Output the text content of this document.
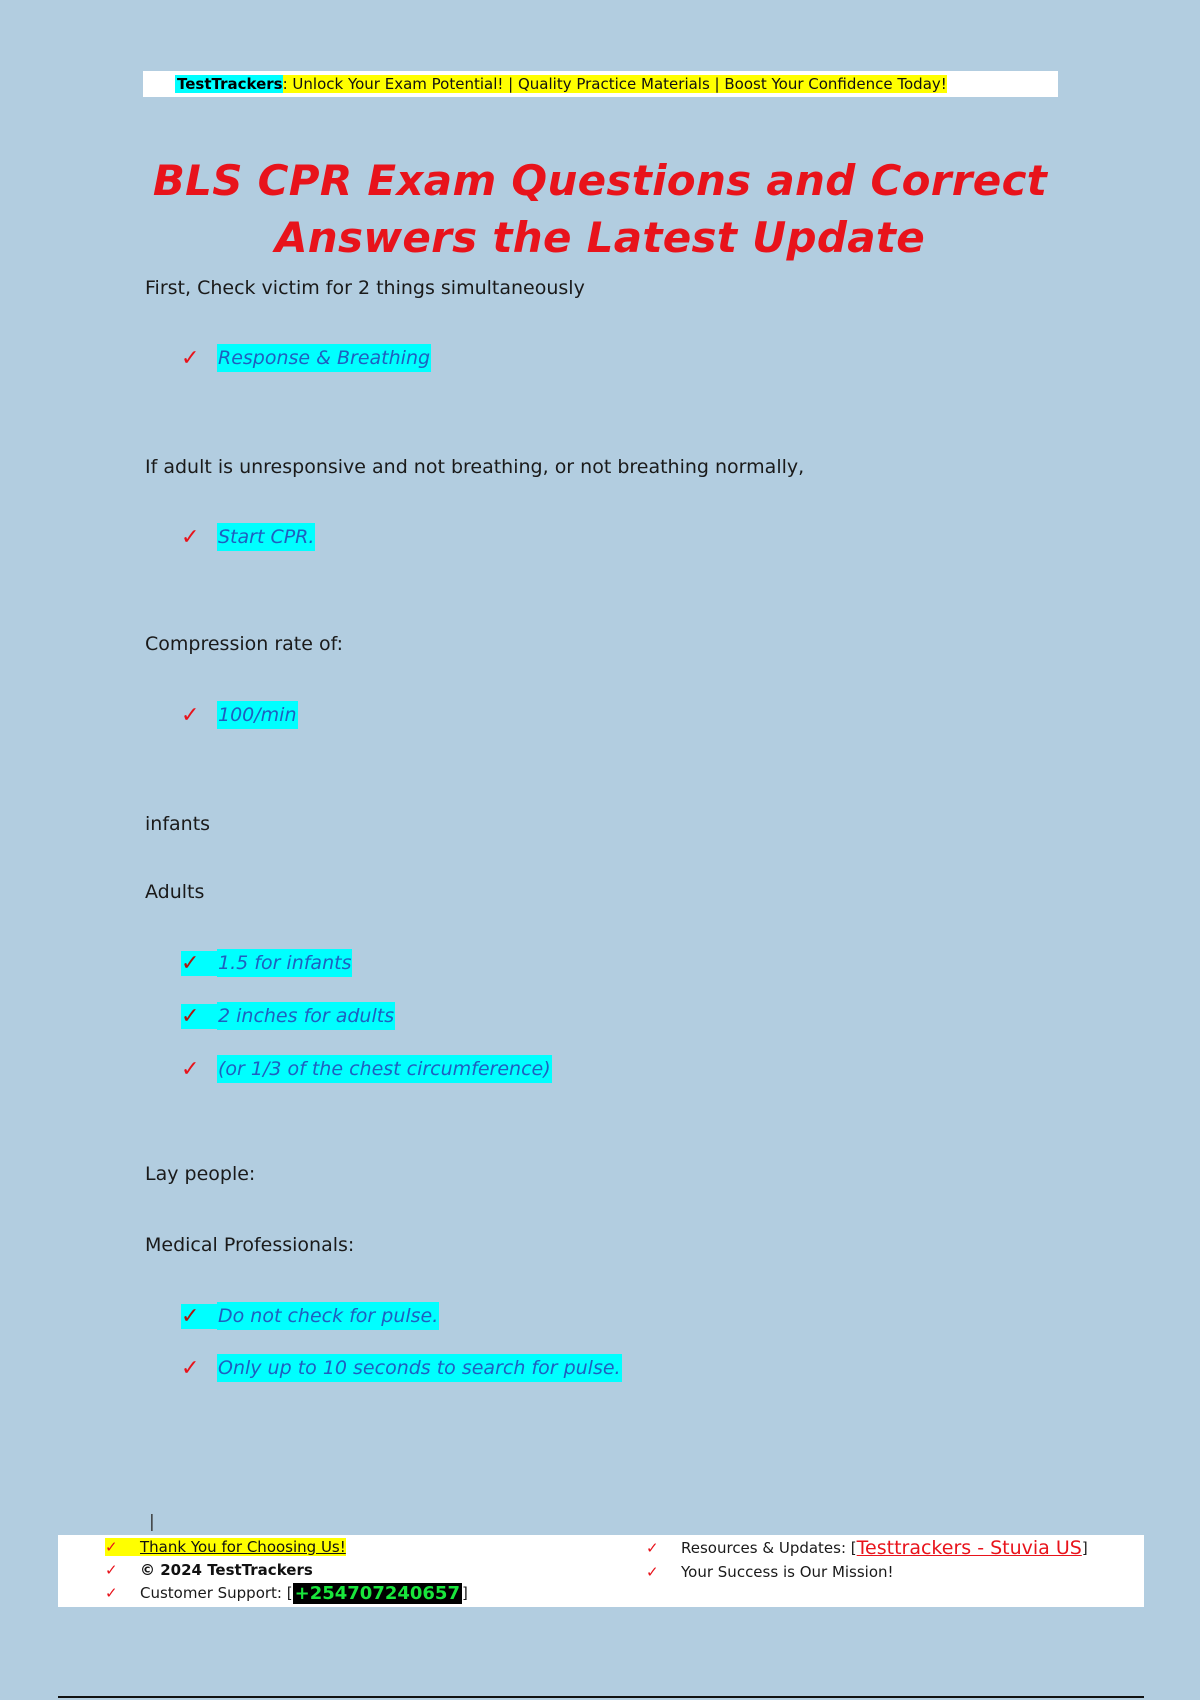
TestTrackers: Unlock Your Exam Potential! | Quality Practice Materials | Boost Your Confidence Today!
BLS CPR Exam Questions and Correct
Answers the Latest Update
First, Check victim for 2 things simultaneously
✓ Response & Breathing
If adult is unresponsive and not breathing, or not breathing normally,
✓ Start CPR.
Compression rate of:
✓ 100/min
infants
Adults
✓ 1.5 for infants
✓ 2 inches for adults
✓ (or 1/3 of the chest circumference)
Lay people:
Medical Professionals:
✓ Do not check for pulse.
✓ Only up to 10 seconds to search for pulse.
|
✓	Thank You for Choosing Us!
✓	© 2024 TestTrackers
✓	Customer Support: [ +254707240657 ]
✓	Resources & Updates: [ Testtrackers - Stuvia US ]
✓	Your Success is Our Mission!
